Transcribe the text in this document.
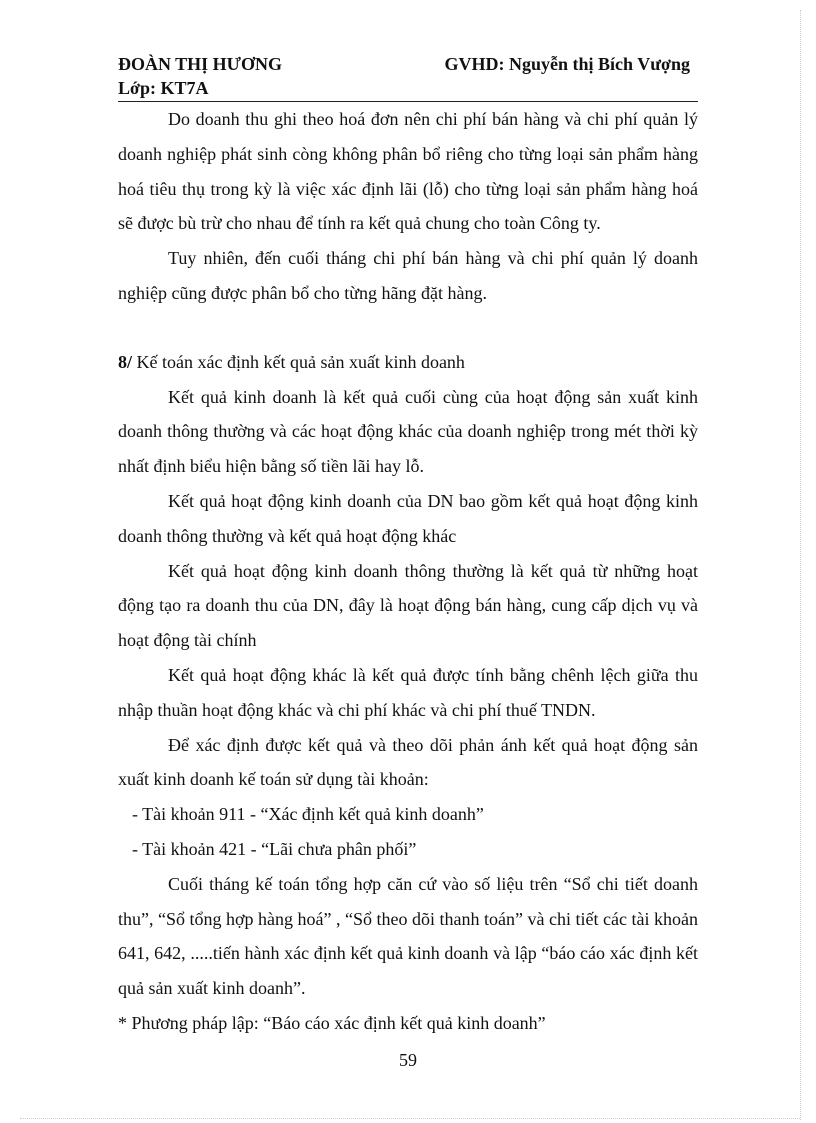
ĐOÀN THỊ HƯƠNG	GVHD: Nguyễn thị Bích Vượng
Lớp: KT7A

Do doanh thu ghi theo hoá đơn nên chi phí bán hàng và chi phí quản lý doanh nghiệp phát sinh còng không phân bổ riêng cho từng loại sản phẩm hàng hoá tiêu thụ trong kỳ là việc xác định lãi (lỗ) cho từng loại sản phẩm hàng hoá sẽ được bù trừ cho nhau để tính ra kết quả chung cho toàn Công ty.

Tuy nhiên, đến cuối tháng chi phí bán hàng và chi phí quản lý doanh nghiệp cũng được phân bổ cho từng hãng đặt hàng.

8/ Kế toán xác định kết quả sản xuất kinh doanh

Kết quả kinh doanh là kết quả cuối cùng của hoạt động sản xuất kinh doanh thông thường và các hoạt động khác của doanh nghiệp trong mét thời kỳ nhất định biểu hiện bằng số tiền lãi hay lỗ.

Kết quả hoạt động kinh doanh của DN bao gồm kết quả hoạt động kinh doanh thông thường và kết quả hoạt động khác

Kết quả hoạt động kinh doanh thông thường là kết quả từ những hoạt động tạo ra doanh thu của DN, đây là hoạt động bán hàng, cung cấp dịch vụ và hoạt động tài chính

Kết quả hoạt động khác là kết quả được tính bằng chênh lệch giữa thu nhập thuần hoạt động khác và chi phí khác và chi phí thuế TNDN.

Để xác định được kết quả và theo dõi phản ánh kết quả hoạt động sản xuất kinh doanh kế toán sử dụng tài khoản:

- Tài khoản 911 - “Xác định kết quả kinh doanh”

- Tài khoản 421 - “Lãi chưa phân phối”

Cuối tháng kế toán tổng hợp căn cứ vào số liệu trên “Sổ chi tiết doanh thu”, “Sổ tổng hợp hàng hoá” , “Sổ theo dõi thanh toán” và chi tiết các tài khoản 641, 642, .....tiến hành xác định kết quả kinh doanh và lập “báo cáo xác định kết quả sản xuất kinh doanh”.

* Phương pháp lập: “Báo cáo xác định kết quả kinh doanh”

59
